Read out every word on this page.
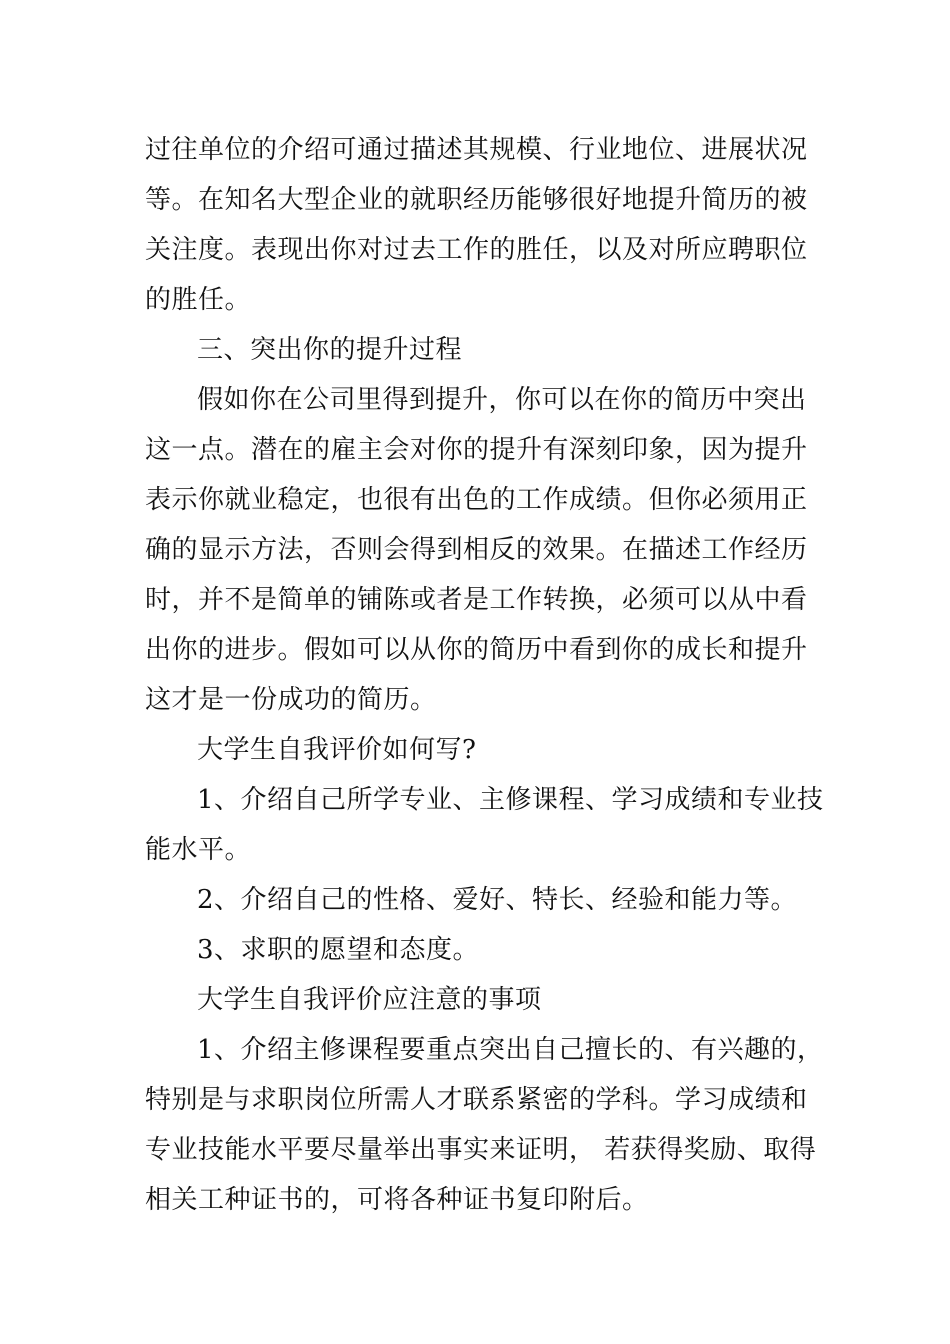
过往单位的介绍可通过描述其规模、行业地位、进展状况

等。在知名大型企业的就职经历能够很好地提升简历的被

关注度。表现出你对过去工作的胜任，以及对所应聘职位

的胜任。

三、突出你的提升过程

假如你在公司里得到提升，你可以在你的简历中突出

这一点。潜在的雇主会对你的提升有深刻印象，因为提升

表示你就业稳定，也很有出色的工作成绩。但你必须用正

确的显示方法，否则会得到相反的效果。在描述工作经历

时，并不是简单的铺陈或者是工作转换，必须可以从中看

出你的进步。假如可以从你的简历中看到你的成长和提升

这才是一份成功的简历。

大学生自我评价如何写?

1、介绍自己所学专业、主修课程、学习成绩和专业技

能水平。

2、介绍自己的性格、爱好、特长、经验和能力等。

3、求职的愿望和态度。

大学生自我评价应注意的事项

1、介绍主修课程要重点突出自己擅长的、有兴趣的，

特别是与求职岗位所需人才联系紧密的学科。学习成绩和

专业技能水平要尽量举出事实来证明， 若获得奖励、取得

相关工种证书的，可将各种证书复印附后。
